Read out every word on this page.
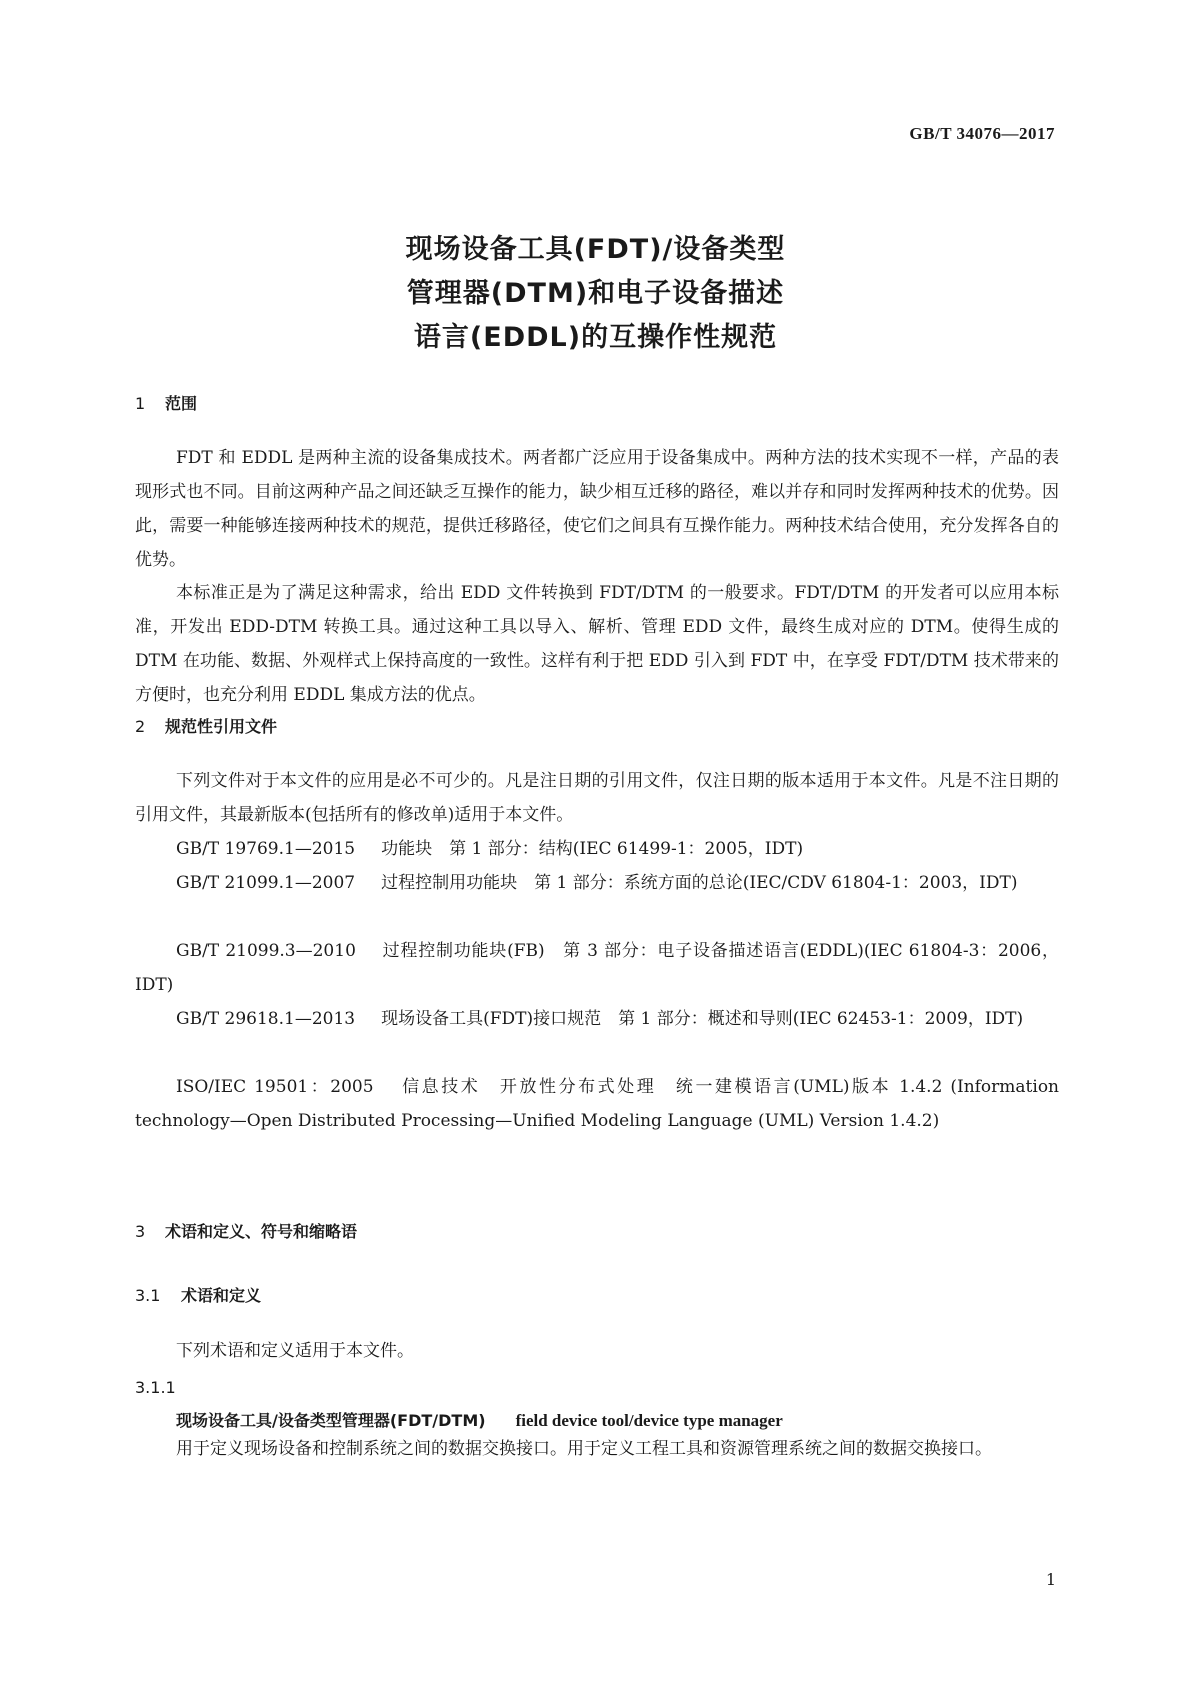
GB/T 34076—2017
现场设备工具(FDT)/设备类型
管理器(DTM)和电子设备描述
语言(EDDL)的互操作性规范
1 范围
FDT 和 EDDL 是两种主流的设备集成技术。两者都广泛应用于设备集成中。两种方法的技术实现不一样，产品的表现形式也不同。目前这两种产品之间还缺乏互操作的能力，缺少相互迁移的路径，难以并存和同时发挥两种技术的优势。因此，需要一种能够连接两种技术的规范，提供迁移路径，使它们之间具有互操作能力。两种技术结合使用，充分发挥各自的优势。
本标准正是为了满足这种需求，给出 EDD 文件转换到 FDT/DTM 的一般要求。FDT/DTM 的开发者可以应用本标准，开发出 EDD-DTM 转换工具。通过这种工具以导入、解析、管理 EDD 文件，最终生成对应的 DTM。使得生成的 DTM 在功能、数据、外观样式上保持高度的一致性。这样有利于把 EDD 引入到 FDT 中，在享受 FDT/DTM 技术带来的方便时，也充分利用 EDDL 集成方法的优点。
2 规范性引用文件
下列文件对于本文件的应用是必不可少的。凡是注日期的引用文件，仅注日期的版本适用于本文件。凡是不注日期的引用文件，其最新版本(包括所有的修改单)适用于本文件。
GB/T 19769.1—2015 功能块　第 1 部分：结构(IEC 61499-1：2005，IDT)
GB/T 21099.1—2007 过程控制用功能块　第 1 部分：系统方面的总论(IEC/CDV 61804-1：2003，IDT)
GB/T 21099.3—2010 过程控制功能块(FB)　第 3 部分：电子设备描述语言(EDDL)(IEC 61804-3：2006，IDT)
GB/T 29618.1—2013 现场设备工具(FDT)接口规范　第 1 部分：概述和导则(IEC 62453-1：2009，IDT)
ISO/IEC 19501：2005 信息技术　开放性分布式处理　统一建模语言(UML)版本 1.4.2 (Information technology—Open Distributed Processing—Unified Modeling Language (UML) Version 1.4.2)
3 术语和定义、符号和缩略语
3.1 术语和定义
下列术语和定义适用于本文件。
3.1.1
现场设备工具/设备类型管理器(FDT/DTM) field device tool/device type manager
用于定义现场设备和控制系统之间的数据交换接口。用于定义工程工具和资源管理系统之间的数据交换接口。
1
